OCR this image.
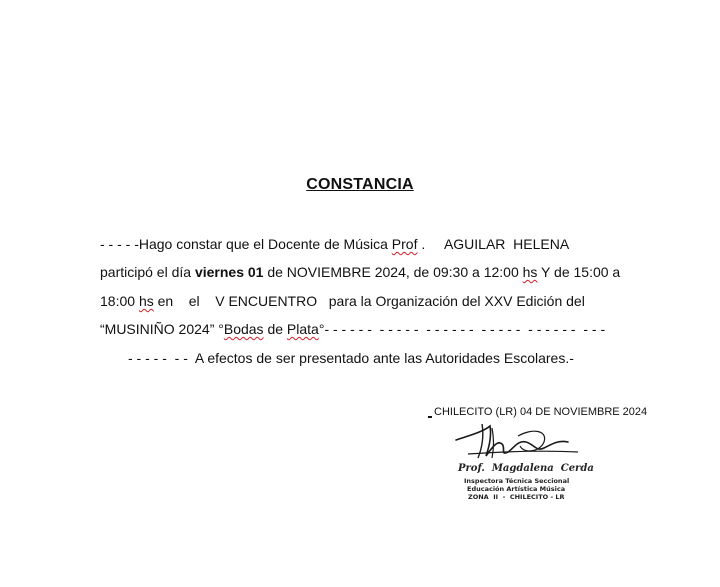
CONSTANCIA
- - - - -Hago constar que el Docente de Música Prof .     AGUILAR  HELENA
participó el día viernes 01 de NOVIEMBRE 2024, de 09:30 a 12:00 hs Y de 15:00 a
18:00 hs en    el    V ENCUENTRO   para la Organización del XXV Edición del
“MUSINIÑO 2024” °Bodas de Plata°- - - - - -  - - - - -  - - - - - -  - - - - -  - - - - - -  - - -
- - - - -  - -  A efectos de ser presentado ante las Autoridades Escolares.-
CHILECITO (LR) 04 DE NOVIEMBRE 2024
Prof.  Magdalena  Cerda
Inspectora Técnica Seccional
Educación Artística Música
ZONA  II  -  CHILECITO - LR
